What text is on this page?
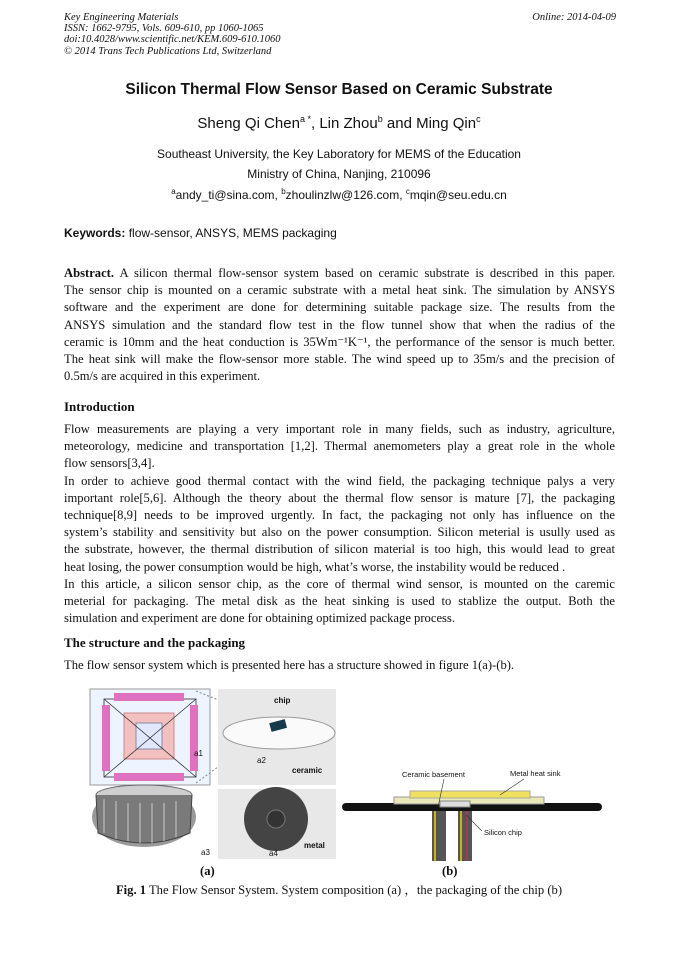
Key Engineering Materials
ISSN: 1662-9795, Vols. 609-610, pp 1060-1065
doi:10.4028/www.scientific.net/KEM.609-610.1060
© 2014 Trans Tech Publications Ltd, Switzerland
Online: 2014-04-09
Silicon Thermal Flow Sensor Based on Ceramic Substrate
Sheng Qi Chen$^{a *}$, Lin Zhou$^b$ and Ming Qin$^c$
Southeast University, the Key Laboratory for MEMS of the Education
Ministry of China, Nanjing, 210096
$^a$andy_ti@sina.com, $^b$zhoulinzlw@126.com, $^c$mqin@seu.edu.cn
Keywords: flow-sensor, ANSYS, MEMS packaging
Abstract. A silicon thermal flow-sensor system based on ceramic substrate is described in this paper.
The sensor chip is mounted on a ceramic substrate with a metal heat sink. The simulation by ANSYS
software and the experiment are done for determining suitable package size. The results from the
ANSYS simulation and the standard flow test in the flow tunnel show that when the radius of the
ceramic is 10mm and the heat conduction is 35Wm⁻¹K⁻¹, the performance of the sensor is much better.
The heat sink will make the flow-sensor more stable. The wind speed up to 35m/s and the precision of
0.5m/s are acquired in this experiment.
Introduction
Flow measurements are playing a very important role in many fields, such as industry, agriculture,
meteorology, medicine and transportation [1,2]. Thermal anemometers play a great role in the whole
flow sensors[3,4].
In order to achieve good thermal contact with the wind field, the packaging technique palys a very
important role[5,6]. Although the theory about the thermal flow sensor is mature [7], the packaging
technique[8,9] needs to be improved urgently. In fact, the packaging not only has influence on the
system’s stability and sensitivity but also on the power consumption. Silicon meterial is usully used as
the substrate, however, the thermal distribution of silicon material is too high, this would lead to great
heat losing, the power consumption would be high, what’s worse, the instability would be reduced .
In this article, a silicon sensor chip, as the core of thermal wind sensor, is mounted on the caremic
meterial for packaging. The metal disk as the heat sinking is used to stablize the output. Both the
simulation and experiment are done for obtaining optimized package process.
The structure and the packaging
The flow sensor system which is presented here has a structure showed in figure 1(a)-(b).
a1
chip
a2
ceramic
a3
metal
a4
Ceramic basement	Metal heat sink
Silicon chip
(a)	(b)
Fig. 1 The Flow Sensor System. System composition (a) ，the packaging of the chip (b)
